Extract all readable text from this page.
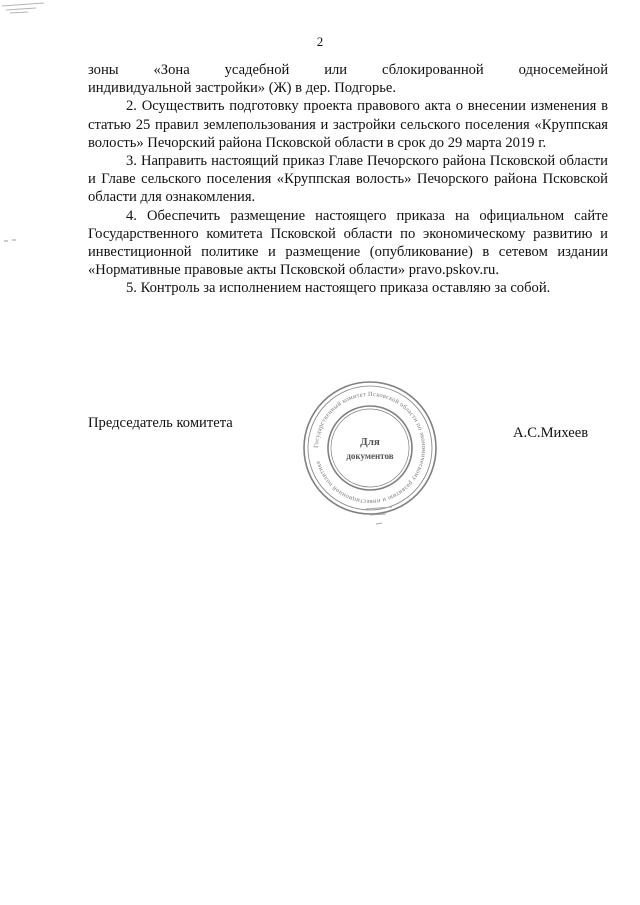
2

зоны «Зона усадебной или сблокированной односемейной

индивидуальной застройки» (Ж) в дер. Подгорье.

2. Осуществить подготовку проекта правового акта о внесении изменения в статью 25 правил землепользования и застройки сельского поселения «Круппская волость» Печорский района Псковской области в срок до 29 марта 2019 г.

3. Направить настоящий приказ Главе Печорского района Псковской области и Главе сельского поселения «Круппская волость» Печорского района Псковской области для ознакомления.

4. Обеспечить размещение настоящего приказа на официальном сайте Государственного комитета Псковской области по экономическому развитию и инвестиционной политике и размещение (опубликование) в сетевом издании «Нормативные правовые акты Псковской области» pravo.pskov.ru.

5. Контроль за исполнением настоящего приказа оставляю за собой.

Председатель комитета
А.С.Михеев
Государственный комитет Псковской области по экономическому развитию и инвестиционной политике
Для
документов
